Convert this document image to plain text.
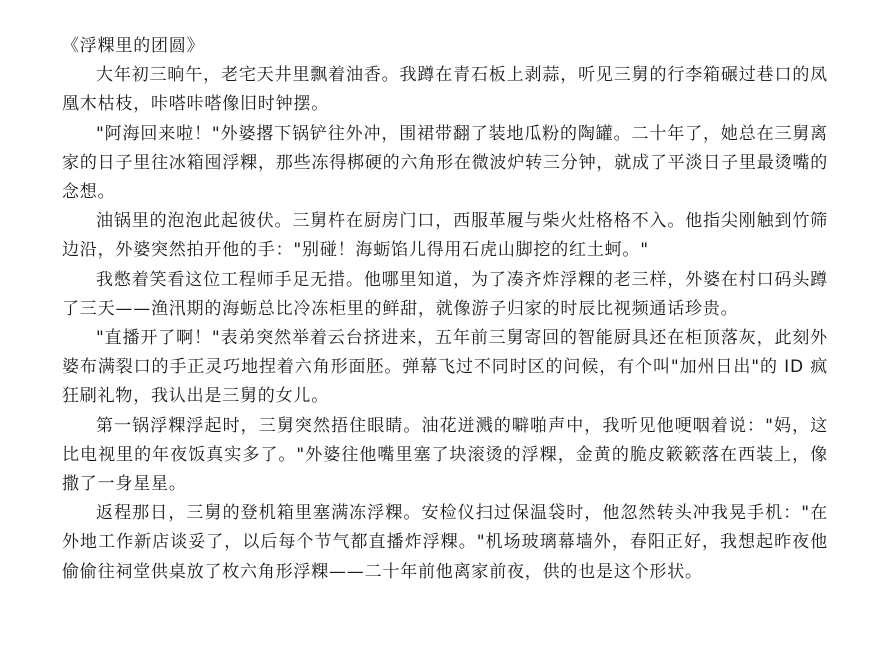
《浮粿里的团圆》

大年初三晌午，老宅天井里飘着油香。我蹲在青石板上剥蒜，听见三舅的行李箱碾过巷口的凤凰木枯枝，咔嗒咔嗒像旧时钟摆。

"阿海回来啦！"外婆撂下锅铲往外冲，围裙带翻了装地瓜粉的陶罐。二十年了，她总在三舅离家的日子里往冰箱囤浮粿，那些冻得梆硬的六角形在微波炉转三分钟，就成了平淡日子里最烫嘴的念想。

油锅里的泡泡此起彼伏。三舅杵在厨房门口，西服革履与柴火灶格格不入。他指尖刚触到竹筛边沿，外婆突然拍开他的手："别碰！海蛎馅儿得用石虎山脚挖的红土蚵。"

我憋着笑看这位工程师手足无措。他哪里知道，为了凑齐炸浮粿的老三样，外婆在村口码头蹲了三天——渔汛期的海蛎总比冷冻柜里的鲜甜，就像游子归家的时辰比视频通话珍贵。

"直播开了啊！"表弟突然举着云台挤进来，五年前三舅寄回的智能厨具还在柜顶落灰，此刻外婆布满裂口的手正灵巧地捏着六角形面胚。弹幕飞过不同时区的问候，有个叫"加州日出"的 ID 疯狂刷礼物，我认出是三舅的女儿。

第一锅浮粿浮起时，三舅突然捂住眼睛。油花迸溅的噼啪声中，我听见他哽咽着说："妈，这比电视里的年夜饭真实多了。"外婆往他嘴里塞了块滚烫的浮粿，金黄的脆皮簌簌落在西装上，像撒了一身星星。

返程那日，三舅的登机箱里塞满冻浮粿。安检仪扫过保温袋时，他忽然转头冲我晃手机："在外地工作新店谈妥了，以后每个节气都直播炸浮粿。"机场玻璃幕墙外，春阳正好，我想起昨夜他偷偷往祠堂供桌放了枚六角形浮粿——二十年前他离家前夜，供的也是这个形状。
